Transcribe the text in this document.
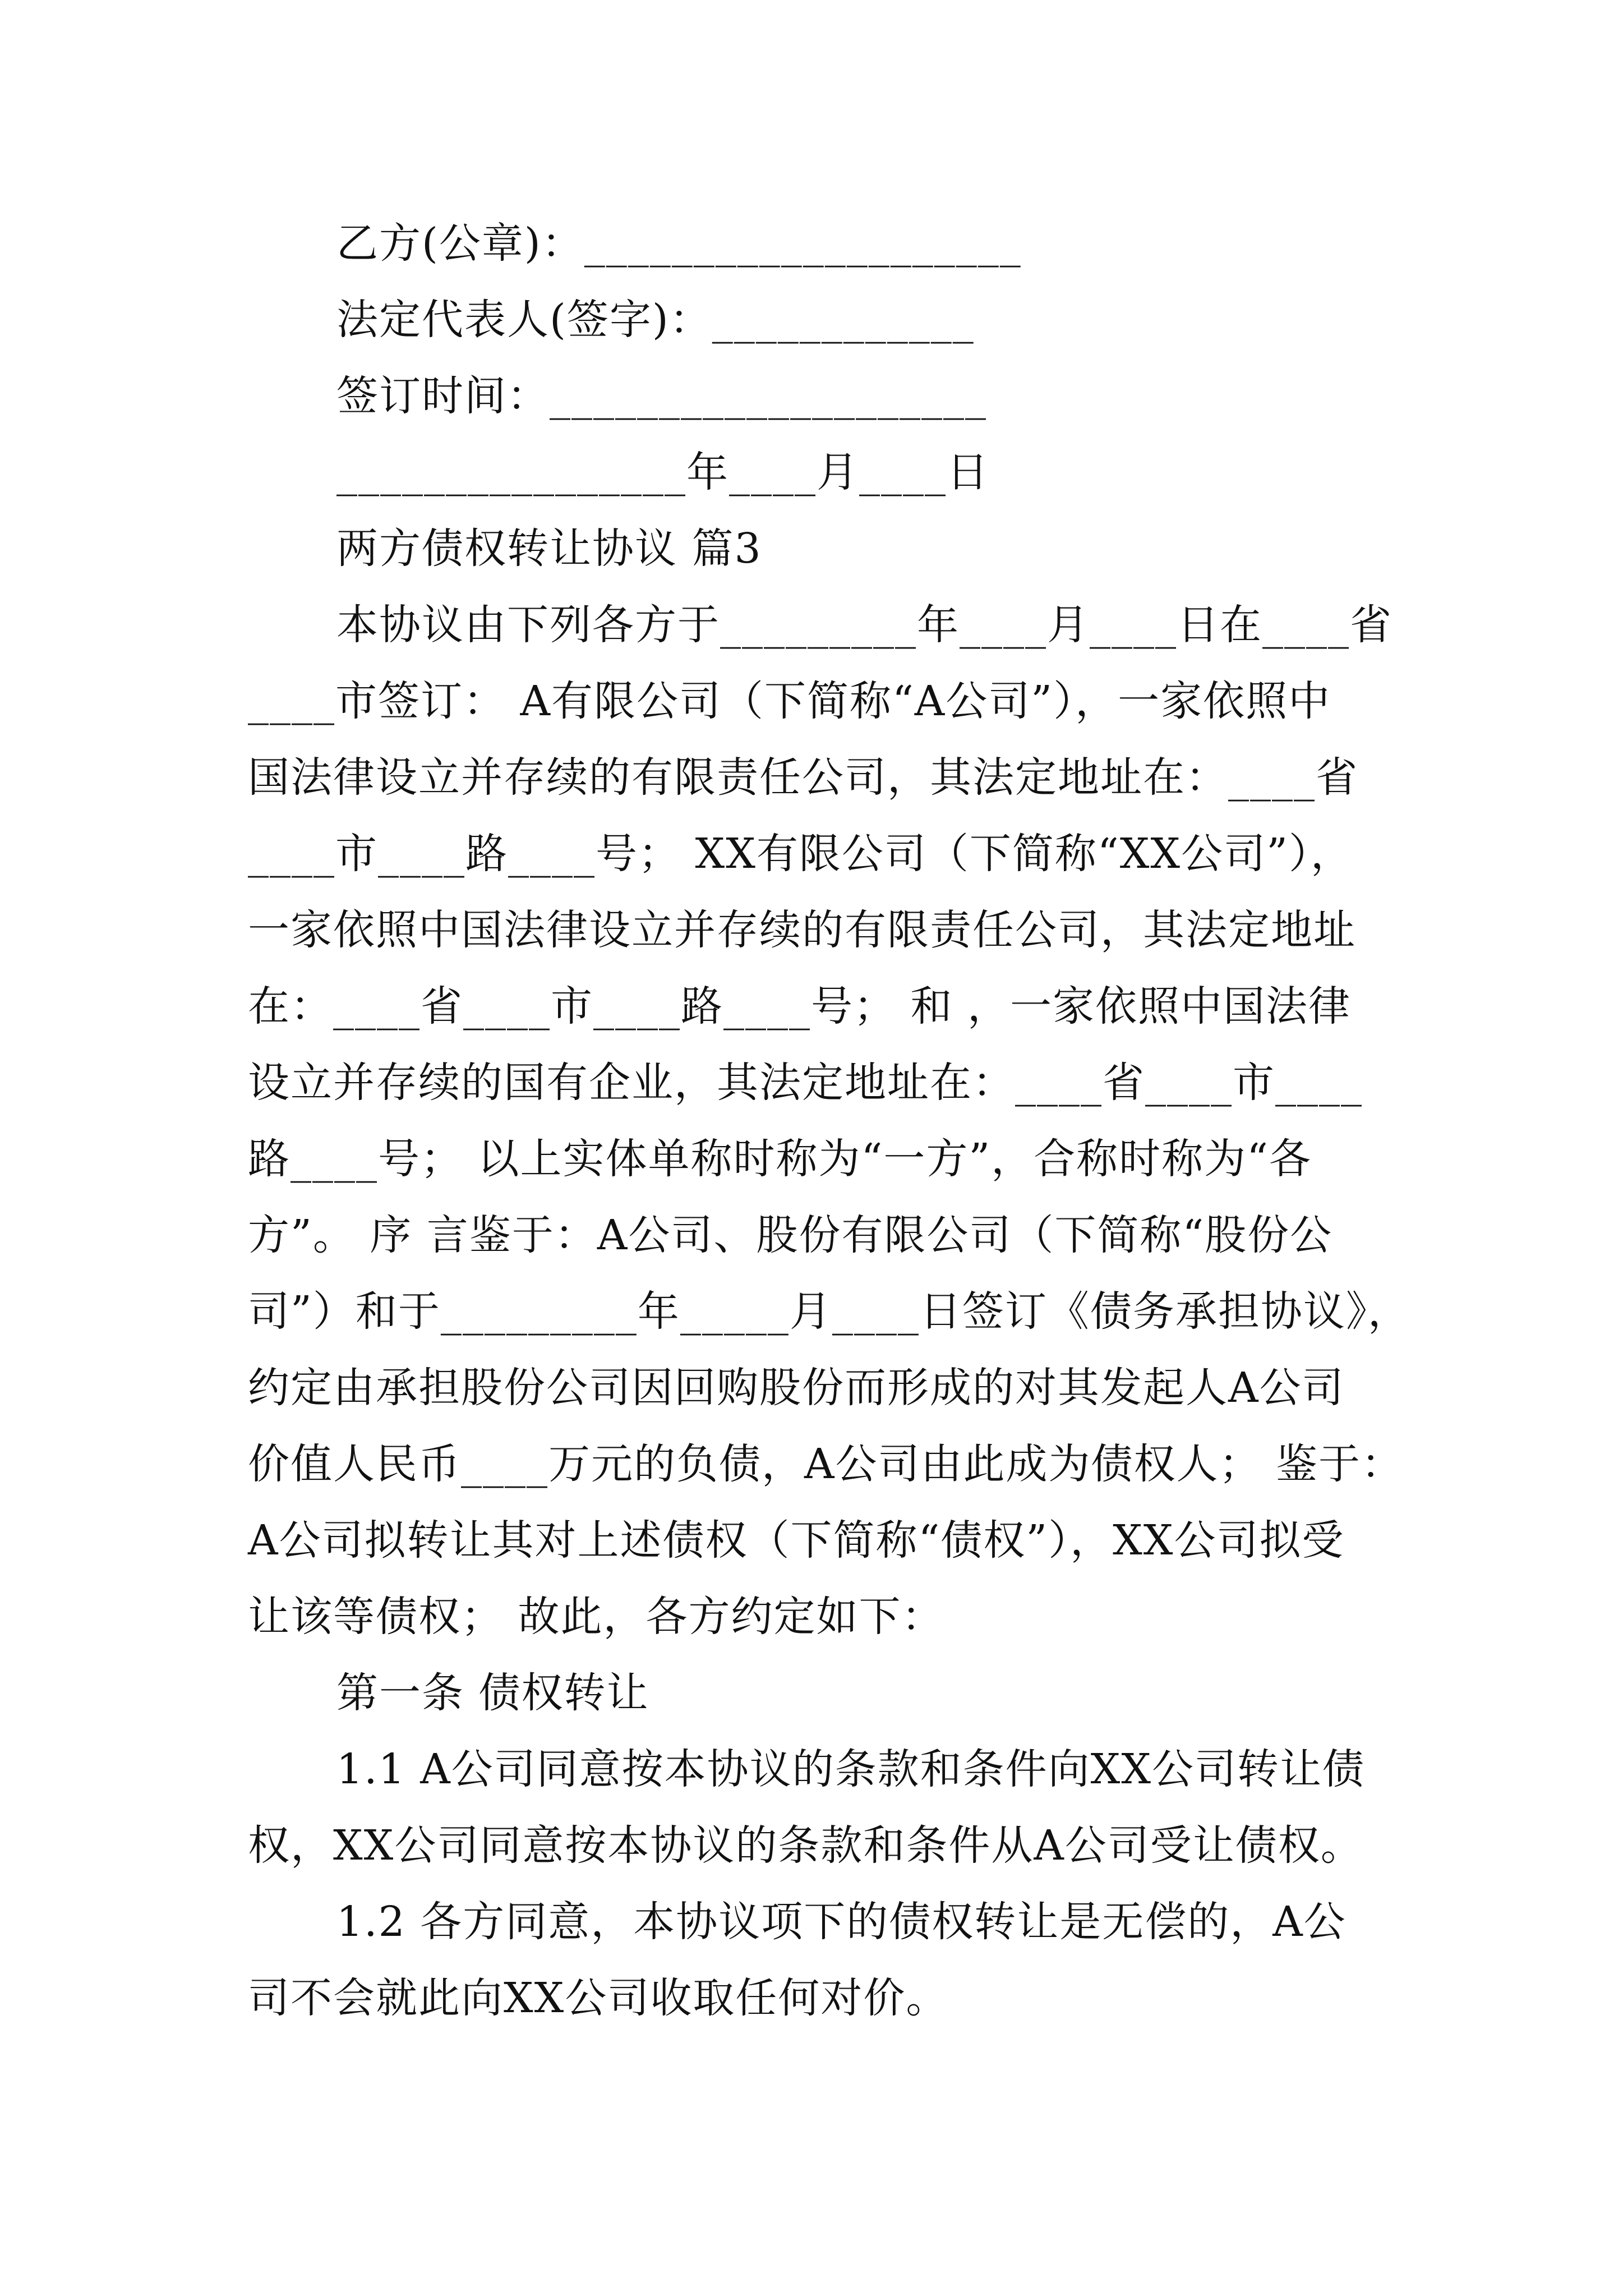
乙方(公章)：____________________
法定代表人(签字)：____________
签订时间：____________________
________________年____月____日
两方债权转让协议 篇3
本协议由下列各方于_________年____月____日在____省
____市签订： A有限公司（下简称“A公司”），一家依照中
国法律设立并存续的有限责任公司，其法定地址在：____省
____市____路____号； XX有限公司（下简称“XX公司”），
一家依照中国法律设立并存续的有限责任公司，其法定地址
在：____省____市____路____号； 和 ，一家依照中国法律
设立并存续的国有企业，其法定地址在：____省____市____
路____号； 以上实体单称时称为“一方”，合称时称为“各
方”。 序 言鉴于：A公司、股份有限公司（下简称“股份公
司”）和于_________年_____月____日签订《债务承担协议》，
约定由承担股份公司因回购股份而形成的对其发起人A公司
价值人民币____万元的负债，A公司由此成为债权人； 鉴于：
A公司拟转让其对上述债权（下简称“债权”），XX公司拟受
让该等债权； 故此，各方约定如下：
第一条 债权转让
1.1 A公司同意按本协议的条款和条件向XX公司转让债
权，XX公司同意按本协议的条款和条件从A公司受让债权。
1.2 各方同意，本协议项下的债权转让是无偿的，A公
司不会就此向XX公司收取任何对价。
